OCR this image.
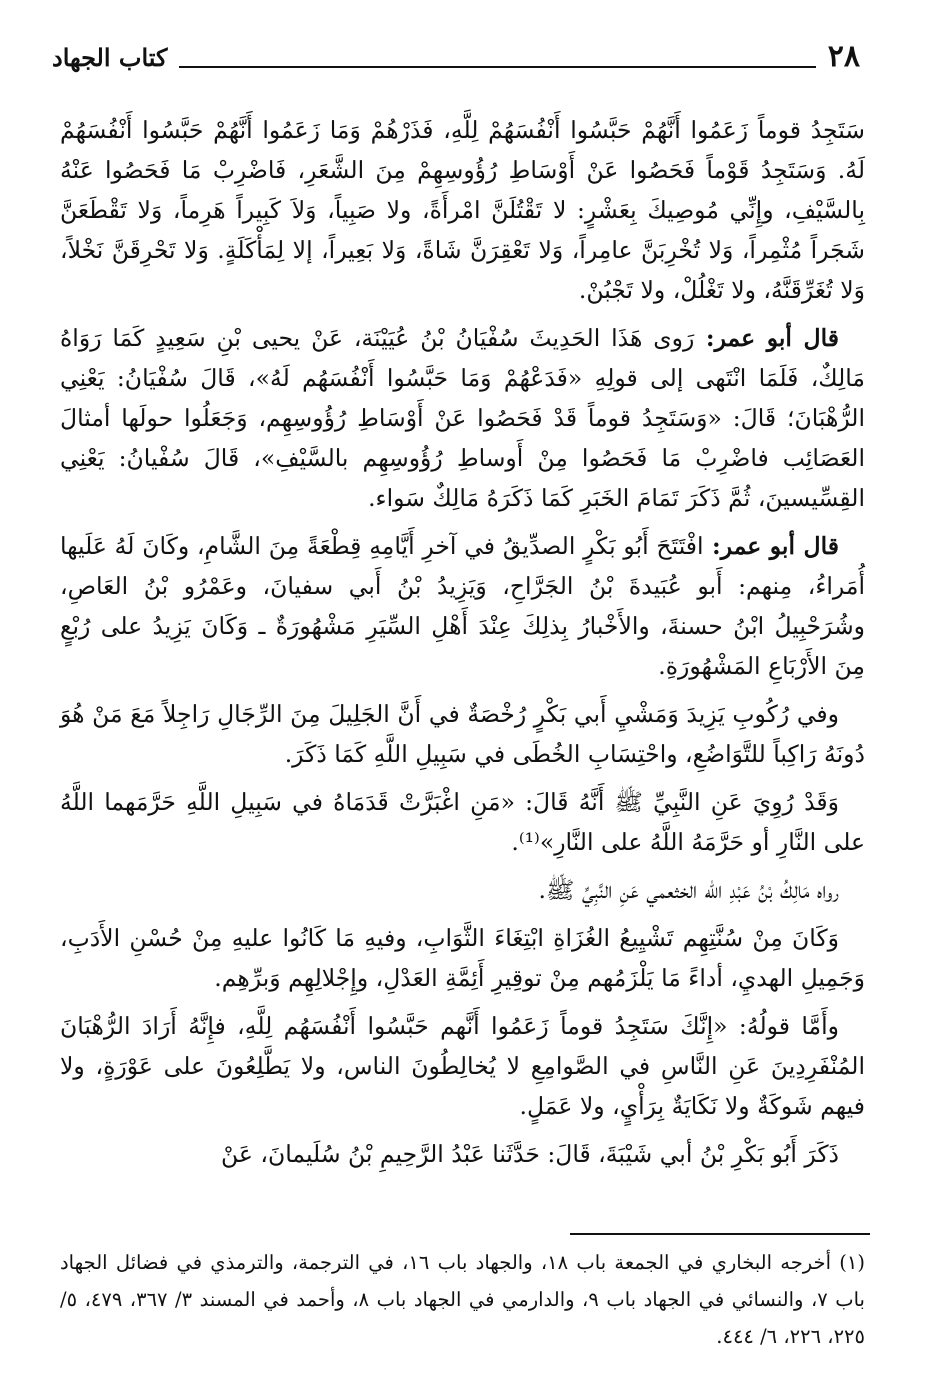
٢٨
كتاب الجهاد

سَتَجِدُ قوماً زَعَمُوا أَنَّهُمْ حَبَّسُوا أَنْفُسَهُمْ لِلَّهِ، فَذَرْهُمْ وَمَا زَعَمُوا أَنَّهُمْ حَبَّسُوا أَنْفُسَهُمْ لَهُ. وَسَتَجِدُ قَوْماً فَحَصُوا عَنْ أَوْسَاطِ رُؤُوسِهِمْ مِنَ الشَّعَرِ، فَاضْرِبْ مَا فَحَصُوا عَنْهُ بِالسَّيْفِ، وإِنِّي مُوصِيكَ بِعَشْرٍ: لا تَقْتُلَنَّ امْرأَةً، ولا صَبِياً، وَلاَ كَبِيراً هَرِماً، وَلا تَقْطَعَنَّ شَجَراً مُثْمِراً، وَلا تُخْرِبَنَّ عامِراً، وَلا تَعْقِرَنَّ شَاةً، وَلا بَعِيراً، إلا لِمَأْكَلَةٍ. وَلا تَحْرِقَنَّ نَخْلاً، وَلا تُغَرِّقَنَّهُ، ولا تَغْلُلْ، ولا تَجْبُنْ.

قال أبو عمر: رَوى هَذَا الحَدِيثَ سُفْيَانُ بْنُ عُيَيْنَة، عَنْ يحيى بْنِ سَعِيدٍ كَمَا رَوَاهُ مَالِكٌ، فَلَمَا انْتَهى إلى قولِهِ «فَدَعْهُمْ وَمَا حَبَّسُوا أَنْفُسَهُم لَهُ»، قَالَ سُفْيَانُ: يَعْنِي الرُّهْبَانَ؛ قَالَ: «وَسَتَجِدُ قوماً قَدْ فَحَصُوا عَنْ أَوْسَاطِ رُؤُوسِهِم، وَجَعَلُوا حولَها أمثالَ العَصَائِب فاضْرِبْ مَا فَحَصُوا مِنْ أَوساطِ رُؤُوسِهِم بالسَّيْفِ»، قَالَ سُفْيانُ: يَعْنِي القِسِّيسينَ، ثُمَّ ذَكَرَ تَمَامَ الخَبَرِ كَمَا ذَكَرَهُ مَالِكٌ سَواء.

قال أبو عمر: افْتَتَحَ أَبُو بَكْرٍ الصدِّيقُ في آخرِ أَيَّامِهِ قِطْعَةً مِنَ الشَّامِ، وكَانَ لَهُ عَلَيها أُمَراءُ، مِنهم: أَبو عُبَيدةَ بْنُ الجَرَّاحِ، وَيَزِيدُ بْنُ أَبي سفيانَ، وعَمْرُو بْنُ العَاصِ، وشُرَحْبِيلُ ابْنُ حسنةَ، والأَخْبارُ بِذلِكَ عِنْدَ أَهْلِ السِّيَرِ مَشْهُورَةٌ ـ وَكَانَ يَزِيدُ على رُبْعٍ مِنَ الأَرْبَاعِ المَشْهُورَةِ.

وفي رُكُوبِ يَزِيدَ وَمَشْيِ أَبي بَكْرٍ رُخْصَةٌ في أَنَّ الجَلِيلَ مِنَ الرِّجَالِ رَاجِلاً مَعَ مَنْ هُوَ دُونَهُ رَاكِباً للتَّوَاضُعِ، واحْتِسَابِ الخُطَى في سَبِيلِ اللَّهِ كَمَا ذَكَرَ.

وَقَدْ رُوِيَ عَنِ النَّبِيِّ ﷺ أَنَّهُ قَالَ: «مَنِ اغْبَرَّتْ قَدَمَاهُ في سَبِيلِ اللَّهِ حَرَّمَهما اللَّهُ على النَّارِ أو حَرَّمَهُ اللَّهُ على النَّارِ»⁽¹⁾.

رواه مَالِكُ بْنُ عَبْدِ الله الخثعمي عَنِ النَّبِيِّ ﷺ.

وَكَانَ مِنْ سُنَّتِهِم تَشْيِيعُ الغُزَاةِ ابْتِغَاءَ الثَّوَابِ، وفيهِ مَا كَانُوا عليهِ مِنْ حُسْنِ الأَدَبِ، وَجَمِيلِ الهديِ، أداءً مَا يَلْزَمُهم مِنْ توقِيرِ أَئِمَّةِ العَدْلِ، وإِجْلالِهِم وَبرِّهِم.

وأَمَّا قولُهُ: «إِنَّكَ سَتَجِدُ قوماً زَعَمُوا أَنَّهم حَبَّسُوا أَنْفُسَهُم لِلَّهِ، فإِنَّهُ أَرَادَ الرُّهْبَانَ المُنْفَرِدِينَ عَنِ النَّاسِ في الصَّوامِعِ لا يُخالِطُونَ الناس، ولا يَطَّلِعُونَ على عَوْرَةٍ، ولا فيهم شَوكَةٌ ولا نَكَايَةٌ بِرَأْيٍ، ولا عَمَلٍ.

ذَكَرَ أَبُو بَكْرِ بْنُ أبي شَيْبَةَ، قَالَ: حَدَّثَنا عَبْدُ الرَّحِيمِ بْنُ سُلَيمانَ، عَنْ

(١) أخرجه البخاري في الجمعة باب ١٨، والجهاد باب ١٦، في الترجمة، والترمذي في فضائل الجهاد باب ٧، والنسائي في الجهاد باب ٩، والدارمي في الجهاد باب ٨، وأحمد في المسند ٣/ ٣٦٧، ٤٧٩، ٥/ ٢٢٥، ٢٢٦، ٦/ ٤٤٤.
